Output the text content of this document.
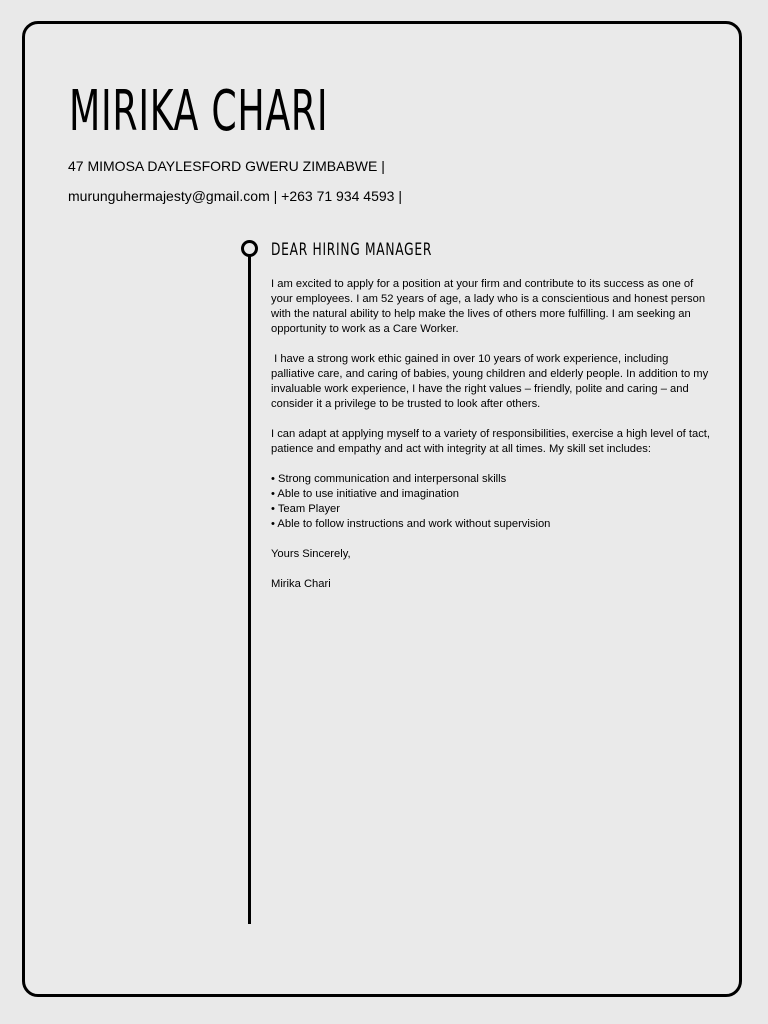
MIRIKA CHARI
47 MIMOSA DAYLESFORD GWERU ZIMBABWE |
murunguhermajesty@gmail.com | +263 71 934 4593 |
DEAR HIRING MANAGER

I am excited to apply for a position at your firm and contribute to its success as one of your employees. I am 52 years of age, a lady who is a conscientious and honest person with the natural ability to help make the lives of others more fulfilling. I am seeking an opportunity to work as a Care Worker.

I have a strong work ethic gained in over 10 years of work experience, including palliative care, and caring of babies, young children and elderly people. In addition to my invaluable work experience, I have the right values – friendly, polite and caring – and consider it a privilege to be trusted to look after others.

I can adapt at applying myself to a variety of responsibilities, exercise a high level of tact, patience and empathy and act with integrity at all times. My skill set includes:

• Strong communication and interpersonal skills
• Able to use initiative and imagination
• Team Player
• Able to follow instructions and work without supervision

Yours Sincerely,

Mirika Chari
